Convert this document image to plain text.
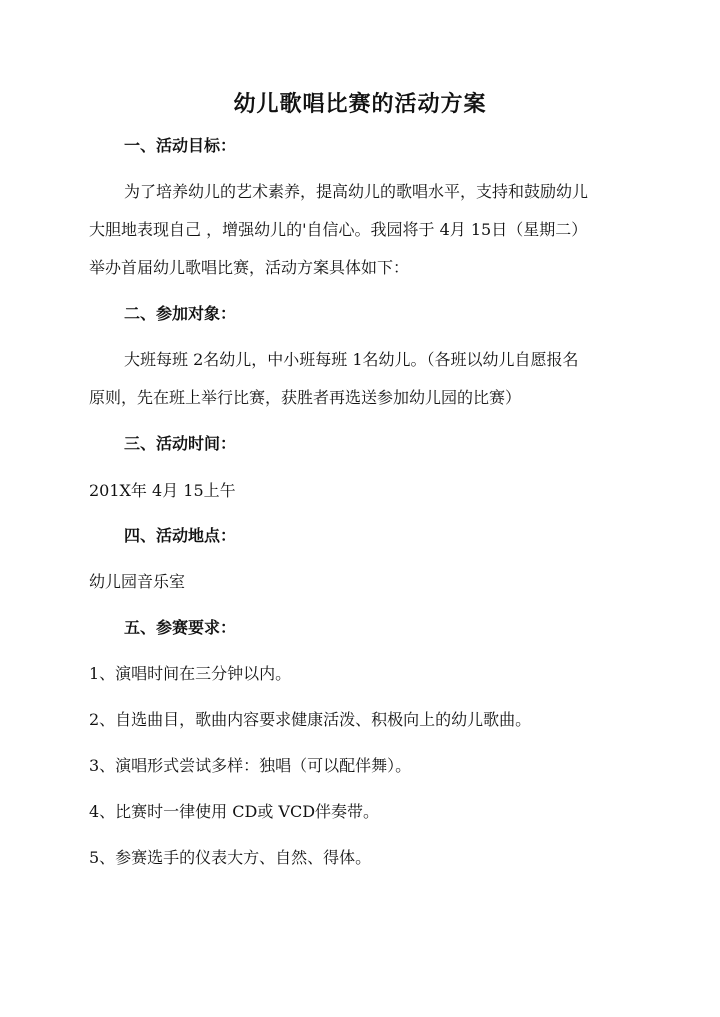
幼儿歌唱比赛的活动方案
一、活动目标：
为了培养幼儿的艺术素养，提高幼儿的歌唱水平，支持和鼓励幼儿
大胆地表现自己 ，增强幼儿的'自信心。我园将于 4月 15日（星期二）
举办首届幼儿歌唱比赛，活动方案具体如下：
二、参加对象：
大班每班 2名幼儿，中小班每班 1名幼儿。（各班以幼儿自愿报名
原则，先在班上举行比赛，获胜者再选送参加幼儿园的比赛）
三、活动时间：
201X年 4月 15上午
四、活动地点：
幼儿园音乐室
五、参赛要求：
1、演唱时间在三分钟以内。
2、自选曲目，歌曲内容要求健康活泼、积极向上的幼儿歌曲。
3、演唱形式尝试多样：独唱（可以配伴舞）。
4、比赛时一律使用 CD或 VCD伴奏带。
5、参赛选手的仪表大方、自然、得体。
